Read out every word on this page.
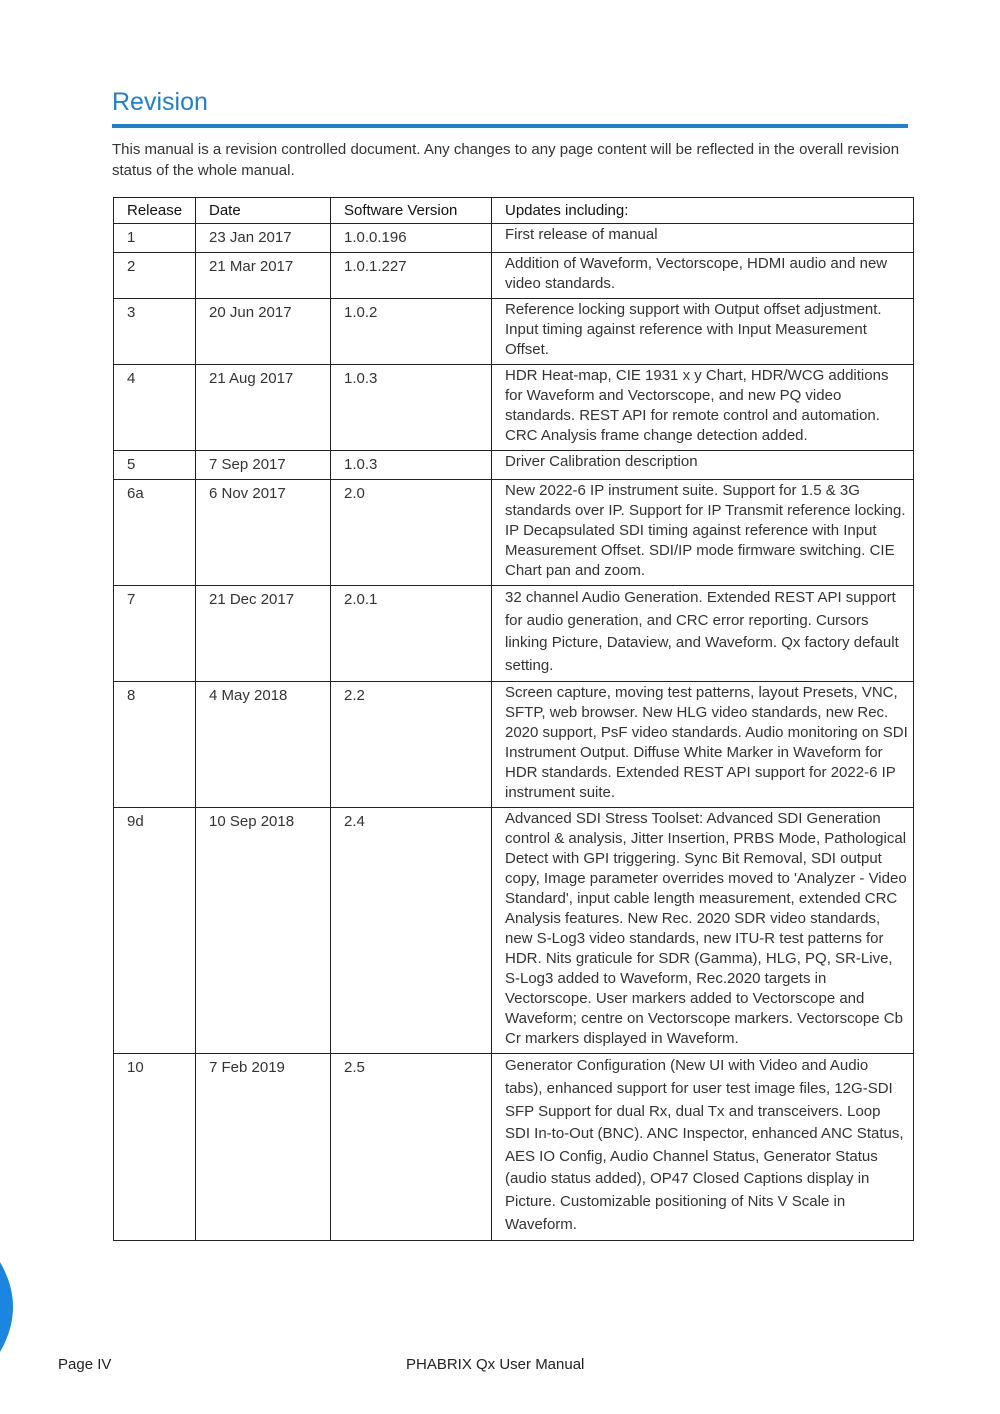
Revision
This manual is a revision controlled document. Any changes to any page content will be reflected in the overall revision status of the whole manual.
Release	Date	Software Version	Updates including:
1	23 Jan 2017	1.0.0.196	First release of manual
2	21 Mar 2017	1.0.1.227	Addition of Waveform, Vectorscope, HDMI audio and new video standards.
3	20 Jun 2017	1.0.2	Reference locking support with Output offset adjustment. Input timing against reference with Input Measurement Offset.
4	21 Aug 2017	1.0.3	HDR Heat-map, CIE 1931 x y Chart, HDR/WCG additions for Waveform and Vectorscope, and new PQ video standards. REST API for remote control and automation. CRC Analysis frame change detection added.
5	7 Sep 2017	1.0.3	Driver Calibration description
6a	6 Nov 2017	2.0	New 2022-6 IP instrument suite. Support for 1.5 & 3G standards over IP. Support for IP Transmit reference locking. IP Decapsulated SDI timing against reference with Input Measurement Offset. SDI/IP mode firmware switching. CIE Chart pan and zoom.
7	21 Dec 2017	2.0.1	32 channel Audio Generation. Extended REST API support for audio generation, and CRC error reporting. Cursors linking Picture, Dataview, and Waveform. Qx factory default setting.
8	4 May 2018	2.2	Screen capture, moving test patterns, layout Presets, VNC, SFTP, web browser. New HLG video standards, new Rec. 2020 support, PsF video standards. Audio monitoring on SDI Instrument Output. Diffuse White Marker in Waveform for HDR standards. Extended REST API support for 2022-6 IP instrument suite.
9d	10 Sep 2018	2.4	Advanced SDI Stress Toolset: Advanced SDI Generation control & analysis, Jitter Insertion, PRBS Mode, Pathological Detect with GPI triggering. Sync Bit Removal, SDI output copy, Image parameter overrides moved to 'Analyzer - Video Standard', input cable length measurement, extended CRC Analysis features. New Rec. 2020 SDR video standards, new S-Log3 video standards, new ITU-R test patterns for HDR. Nits graticule for SDR (Gamma), HLG, PQ, SR-Live, S-Log3 added to Waveform, Rec.2020 targets in Vectorscope. User markers added to Vectorscope and Waveform; centre on Vectorscope markers. Vectorscope Cb Cr markers displayed in Waveform.
10	7 Feb 2019	2.5	Generator Configuration (New UI with Video and Audio tabs), enhanced support for user test image files, 12G-SDI SFP Support for dual Rx, dual Tx and transceivers. Loop SDI In-to-Out (BNC). ANC Inspector, enhanced ANC Status, AES IO Config, Audio Channel Status, Generator Status (audio status added), OP47 Closed Captions display in Picture. Customizable positioning of Nits V Scale in Waveform.
Page IV	PHABRIX Qx User Manual
